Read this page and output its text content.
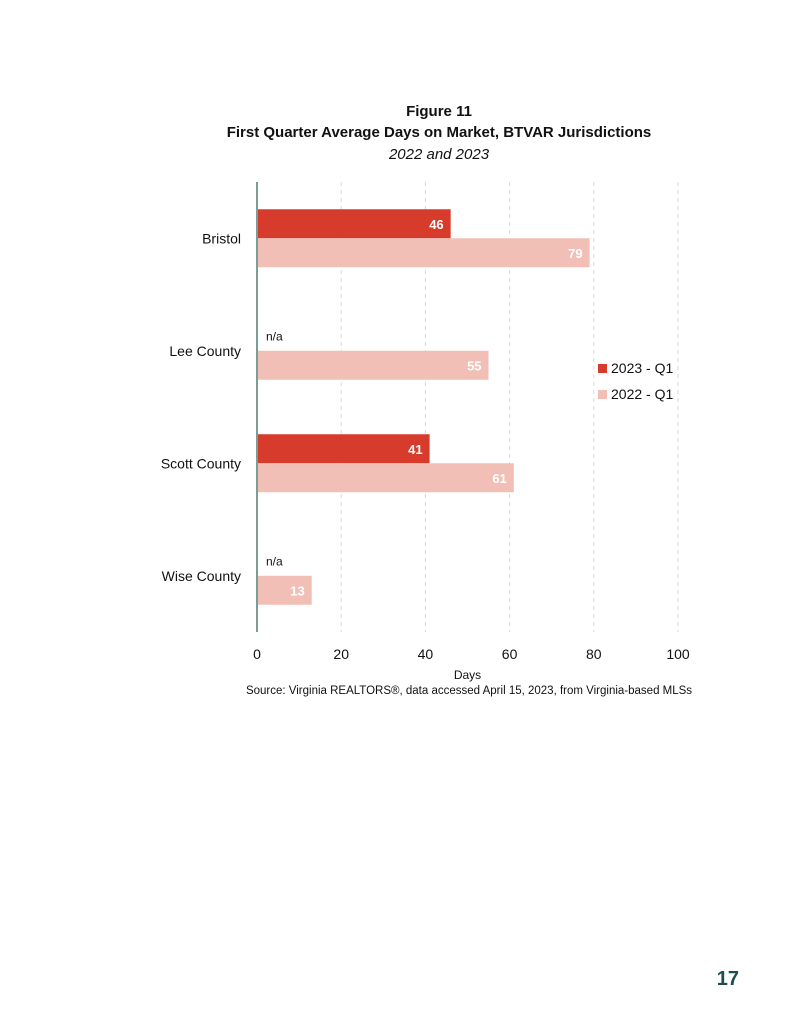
Figure 11
First Quarter Average Days on Market, BTVAR Jurisdictions
2022 and 2023
0	20	40	60	80	100
Days
Bristol
46
79
Lee County
n/a
55
Scott County
41
61
Wise County
n/a
13
2023 - Q1
2022 - Q1
Source: Virginia REALTORS®, data accessed April 15, 2023, from Virginia-based MLSs
17
